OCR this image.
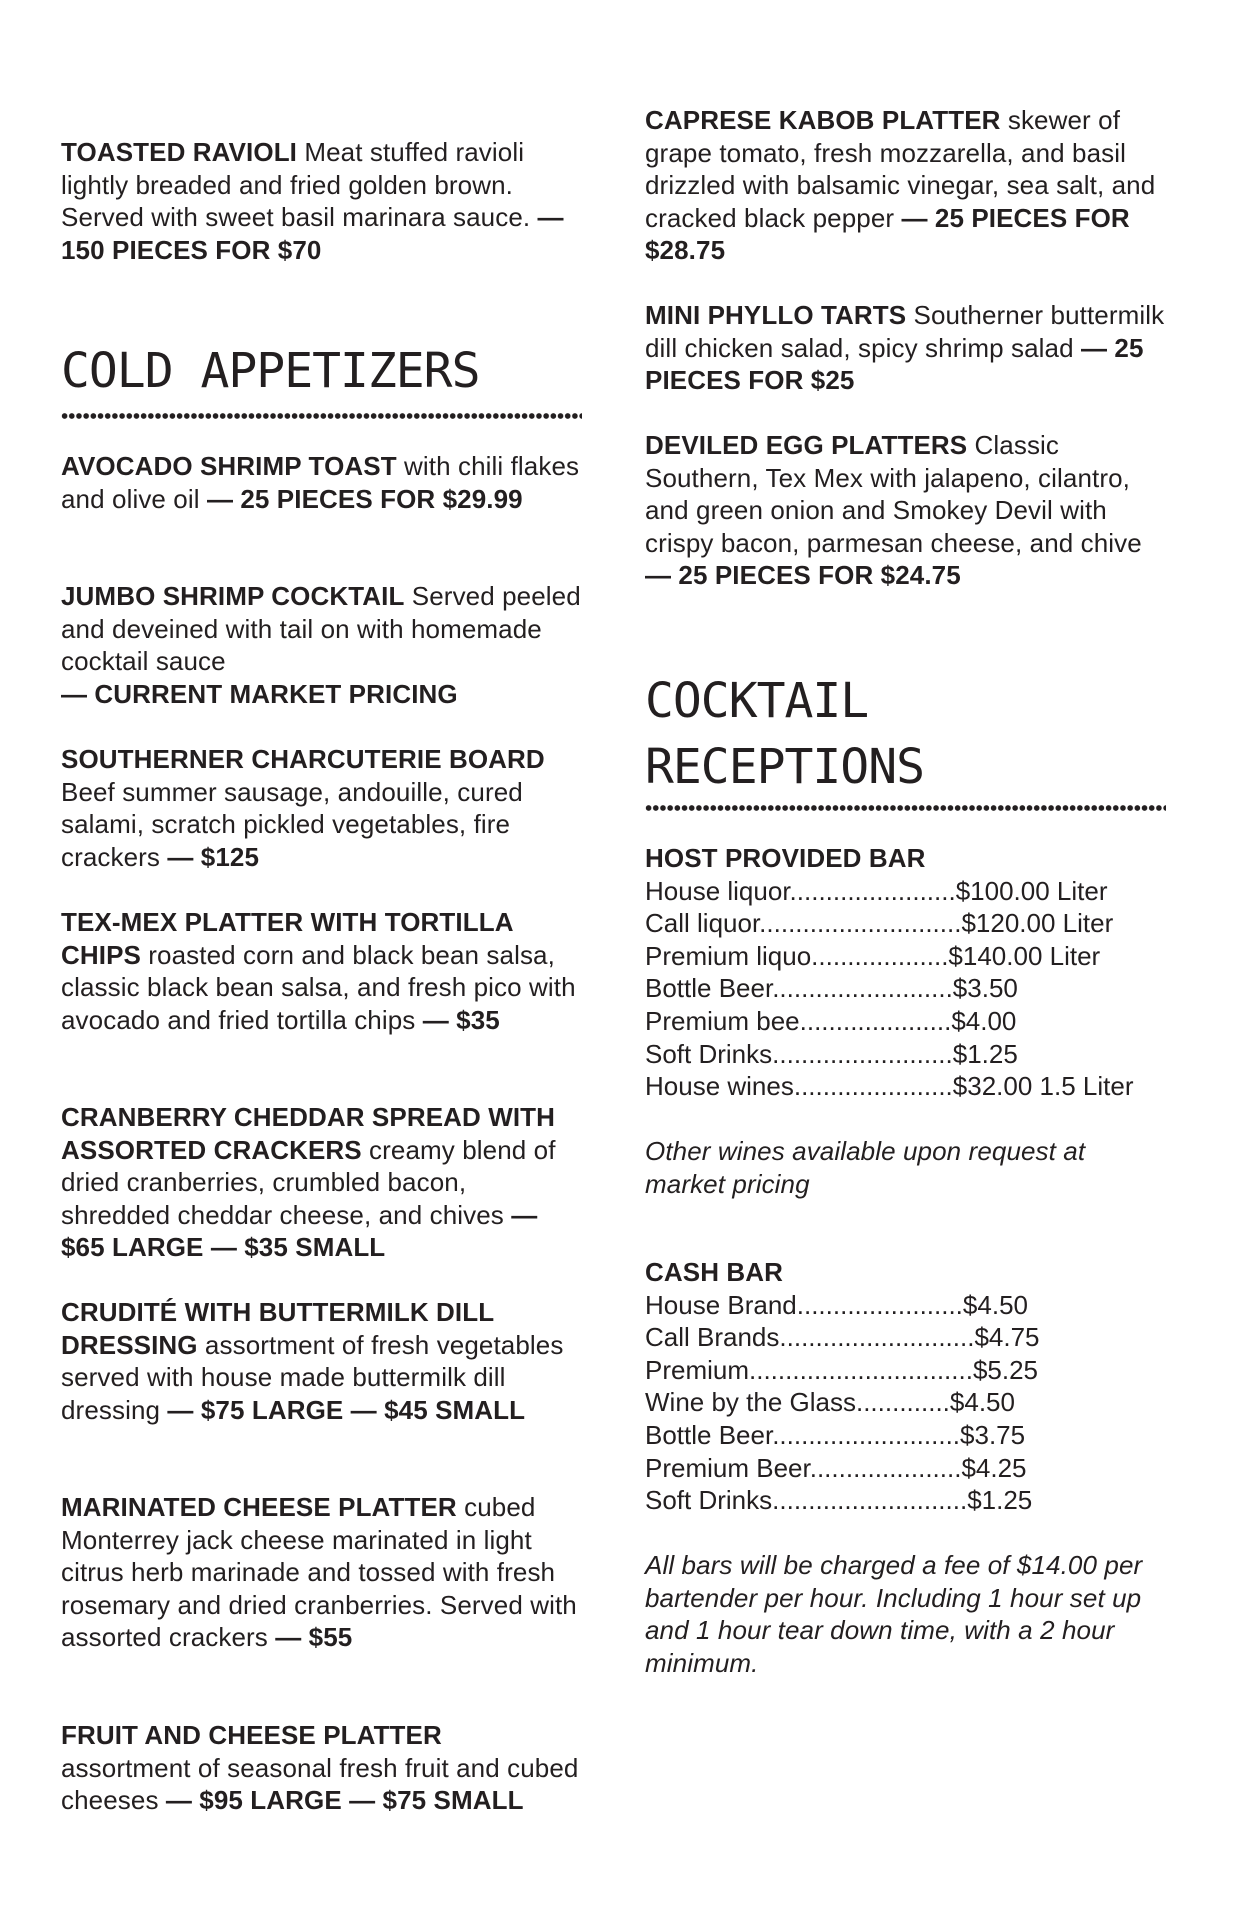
TOASTED RAVIOLI Meat stuffed ravioli lightly breaded and fried golden brown. Served with sweet basil marinara sauce. — 150 PIECES FOR $70

COLD APPETIZERS

AVOCADO SHRIMP TOAST with chili flakes and olive oil — 25 PIECES FOR $29.99

JUMBO SHRIMP COCKTAIL Served peeled and deveined with tail on with homemade cocktail sauce
— CURRENT MARKET PRICING

SOUTHERNER CHARCUTERIE BOARD
Beef summer sausage, andouille, cured salami, scratch pickled vegetables, fire crackers — $125

TEX-MEX PLATTER WITH TORTILLA CHIPS roasted corn and black bean salsa, classic black bean salsa, and fresh pico with avocado and fried tortilla chips — $35

CRANBERRY CHEDDAR SPREAD WITH ASSORTED CRACKERS creamy blend of dried cranberries, crumbled bacon, shredded cheddar cheese, and chives — $65 LARGE — $35 SMALL

CRUDITÉ WITH BUTTERMILK DILL DRESSING assortment of fresh vegetables served with house made buttermilk dill dressing — $75 LARGE — $45 SMALL

MARINATED CHEESE PLATTER cubed Monterrey jack cheese marinated in light citrus herb marinade and tossed with fresh rosemary and dried cranberries. Served with assorted crackers — $55

FRUIT AND CHEESE PLATTER
assortment of seasonal fresh fruit and cubed cheeses — $95 LARGE — $75 SMALL

CAPRESE KABOB PLATTER skewer of grape tomato, fresh mozzarella, and basil drizzled with balsamic vinegar, sea salt, and cracked black pepper — 25 PIECES FOR $28.75

MINI PHYLLO TARTS Southerner buttermilk dill chicken salad, spicy shrimp salad — 25 PIECES FOR $25

DEVILED EGG PLATTERS Classic Southern, Tex Mex with jalapeno, cilantro, and green onion and Smokey Devil with crispy bacon, parmesan cheese, and chive — 25 PIECES FOR $24.75

COCKTAIL
RECEPTIONS

HOST PROVIDED BAR

House liquor.......................$100.00 Liter
Call liquor............................$120.00 Liter
Premium liquo...................$140.00 Liter
Bottle Beer.........................$3.50
Premium bee.....................$4.00
Soft Drinks.........................$1.25
House wines......................$32.00 1.5 Liter

Other wines available upon request at market pricing

CASH BAR

House Brand.......................$4.50
Call Brands...........................$4.75
Premium...............................$5.25
Wine by the Glass.............$4.50
Bottle Beer..........................$3.75
Premium Beer.....................$4.25
Soft Drinks...........................$1.25

All bars will be charged a fee of $14.00 per bartender per hour. Including 1 hour set up and 1 hour tear down time, with a 2 hour minimum.
